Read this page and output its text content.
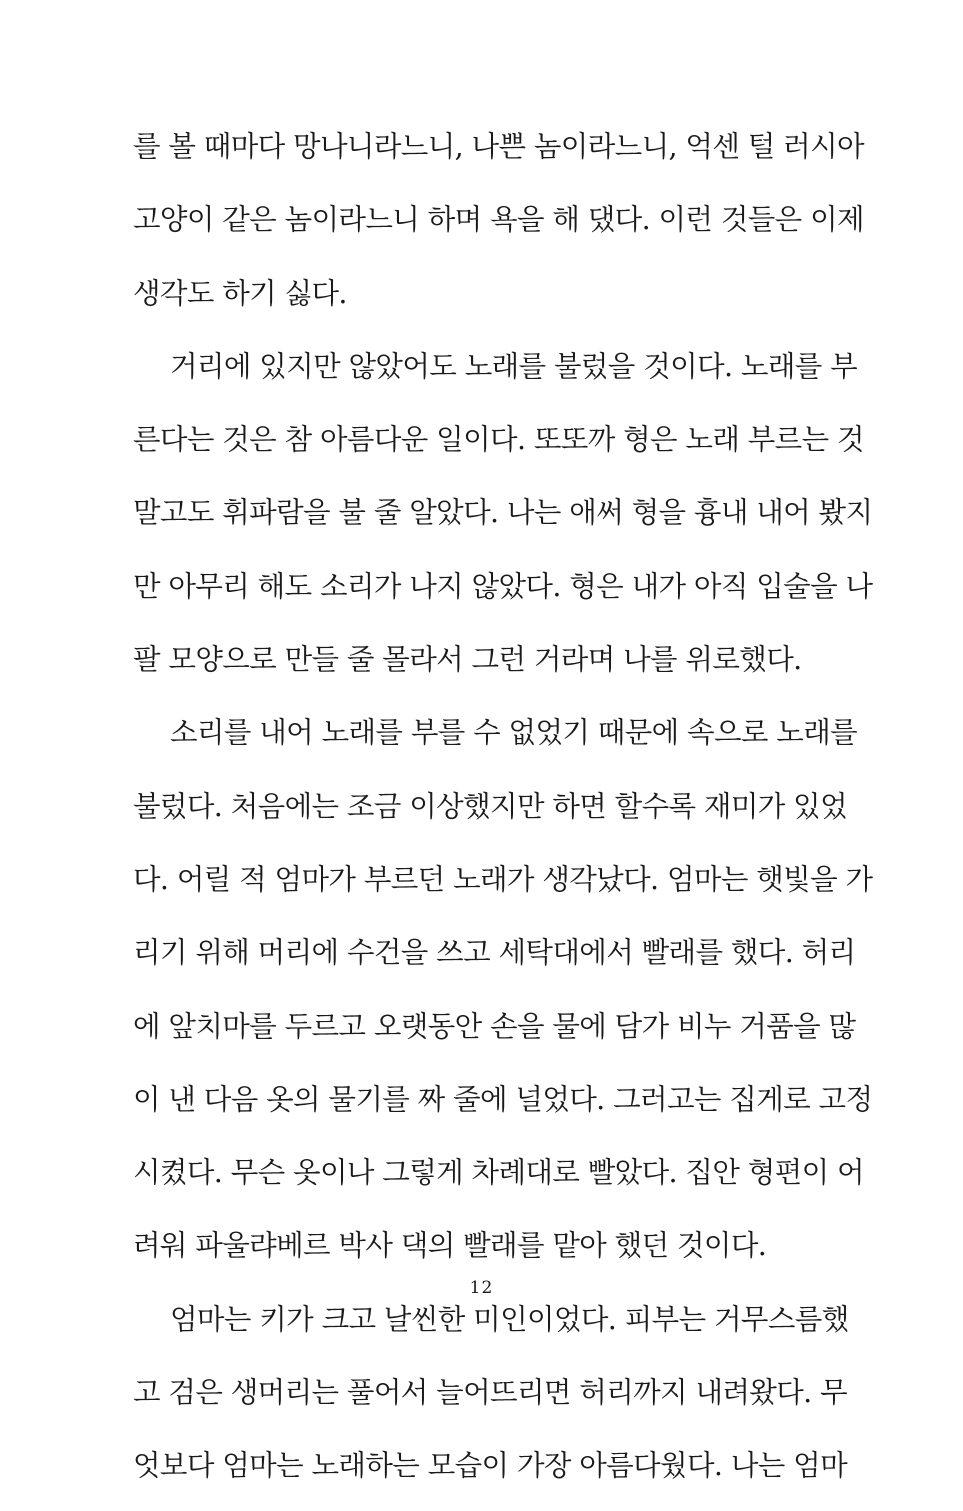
를 볼 때마다 망나니라느니, 나쁜 놈이라느니, 억센 털 러시아
고양이 같은 놈이라느니 하며 욕을 해 댔다. 이런 것들은 이제
생각도 하기 싫다.
거리에 있지만 않았어도 노래를 불렀을 것이다. 노래를 부
른다는 것은 참 아름다운 일이다. 또또까 형은 노래 부르는 것
말고도 휘파람을 불 줄 알았다. 나는 애써 형을 흉내 내어 봤지
만 아무리 해도 소리가 나지 않았다. 형은 내가 아직 입술을 나
팔 모양으로 만들 줄 몰라서 그런 거라며 나를 위로했다.
소리를 내어 노래를 부를 수 없었기 때문에 속으로 노래를
불렀다. 처음에는 조금 이상했지만 하면 할수록 재미가 있었
다. 어릴 적 엄마가 부르던 노래가 생각났다. 엄마는 햇빛을 가
리기 위해 머리에 수건을 쓰고 세탁대에서 빨래를 했다. 허리
에 앞치마를 두르고 오랫동안 손을 물에 담가 비누 거품을 많
이 낸 다음 옷의 물기를 짜 줄에 널었다. 그러고는 집게로 고정
시켰다. 무슨 옷이나 그렇게 차례대로 빨았다. 집안 형편이 어
려워 파울랴베르 박사 댁의 빨래를 맡아 했던 것이다.
엄마는 키가 크고 날씬한 미인이었다. 피부는 거무스름했
고 검은 생머리는 풀어서 늘어뜨리면 허리까지 내려왔다. 무
엇보다 엄마는 노래하는 모습이 가장 아름다웠다. 나는 엄마
12
